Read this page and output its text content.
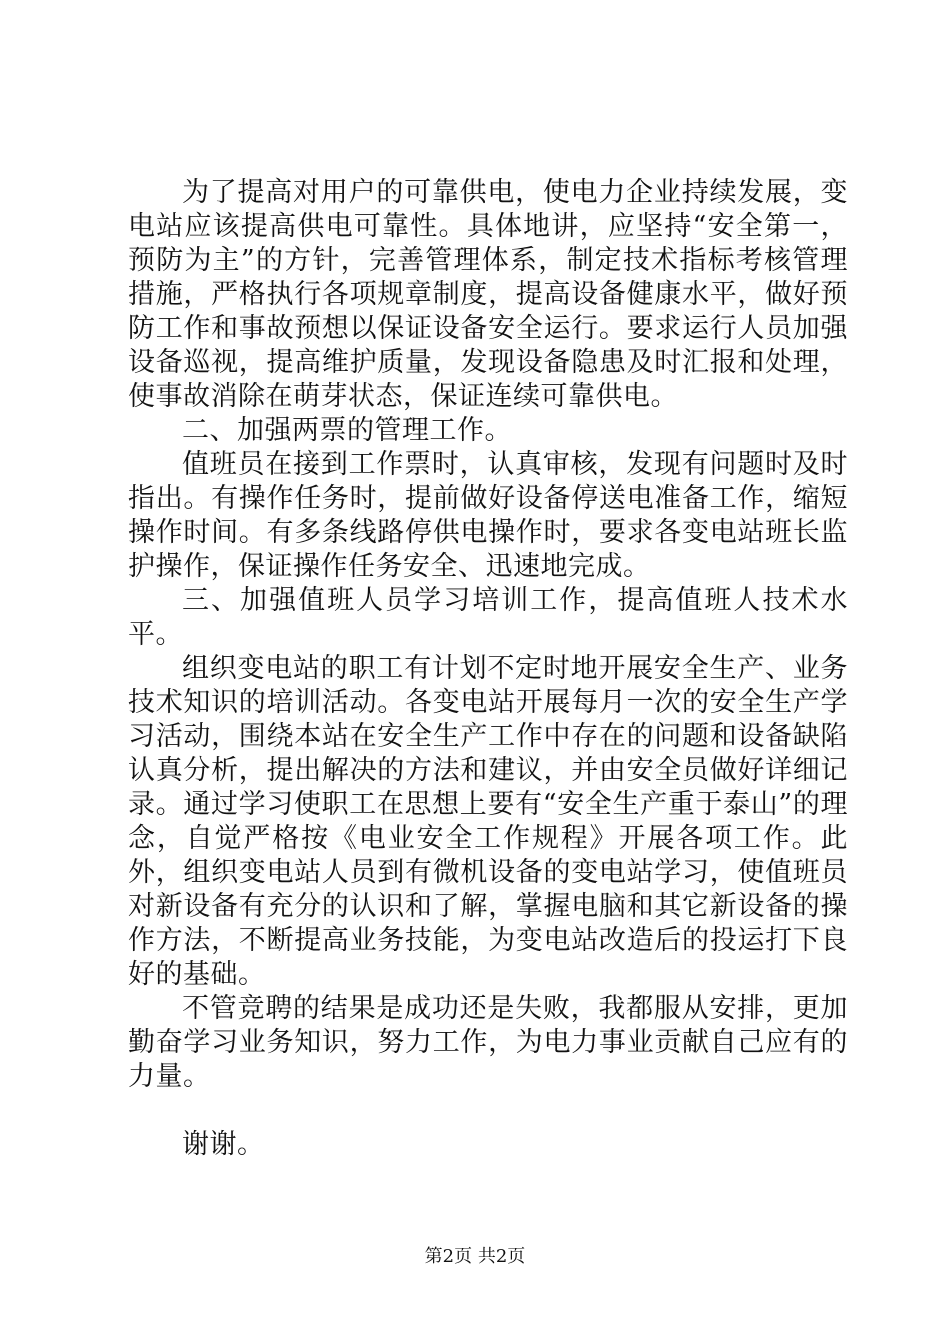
为了提高对用户的可靠供电，使电力企业持续发展，变电站应该提高供电可靠性。具体地讲，应坚持“安全第一，预防为主”的方针，完善管理体系，制定技术指标考核管理措施，严格执行各项规章制度，提高设备健康水平，做好预防工作和事故预想以保证设备安全运行。要求运行人员加强设备巡视，提高维护质量，发现设备隐患及时汇报和处理，使事故消除在萌芽状态，保证连续可靠供电。

二、加强两票的管理工作。

值班员在接到工作票时，认真审核，发现有问题时及时指出。有操作任务时，提前做好设备停送电准备工作，缩短操作时间。有多条线路停供电操作时，要求各变电站班长监护操作，保证操作任务安全、迅速地完成。

三、加强值班人员学习培训工作，提高值班人技术水平。

组织变电站的职工有计划不定时地开展安全生产、业务技术知识的培训活动。各变电站开展每月一次的安全生产学习活动，围绕本站在安全生产工作中存在的问题和设备缺陷认真分析，提出解决的方法和建议，并由安全员做好详细记录。通过学习使职工在思想上要有“安全生产重于泰山”的理念，自觉严格按《电业安全工作规程》开展各项工作。此外，组织变电站人员到有微机设备的变电站学习，使值班员对新设备有充分的认识和了解，掌握电脑和其它新设备的操作方法，不断提高业务技能，为变电站改造后的投运打下良好的基础。

不管竞聘的结果是成功还是失败，我都服从安排，更加勤奋学习业务知识，努力工作，为电力事业贡献自己应有的力量。

谢谢。

第2页 共2页
